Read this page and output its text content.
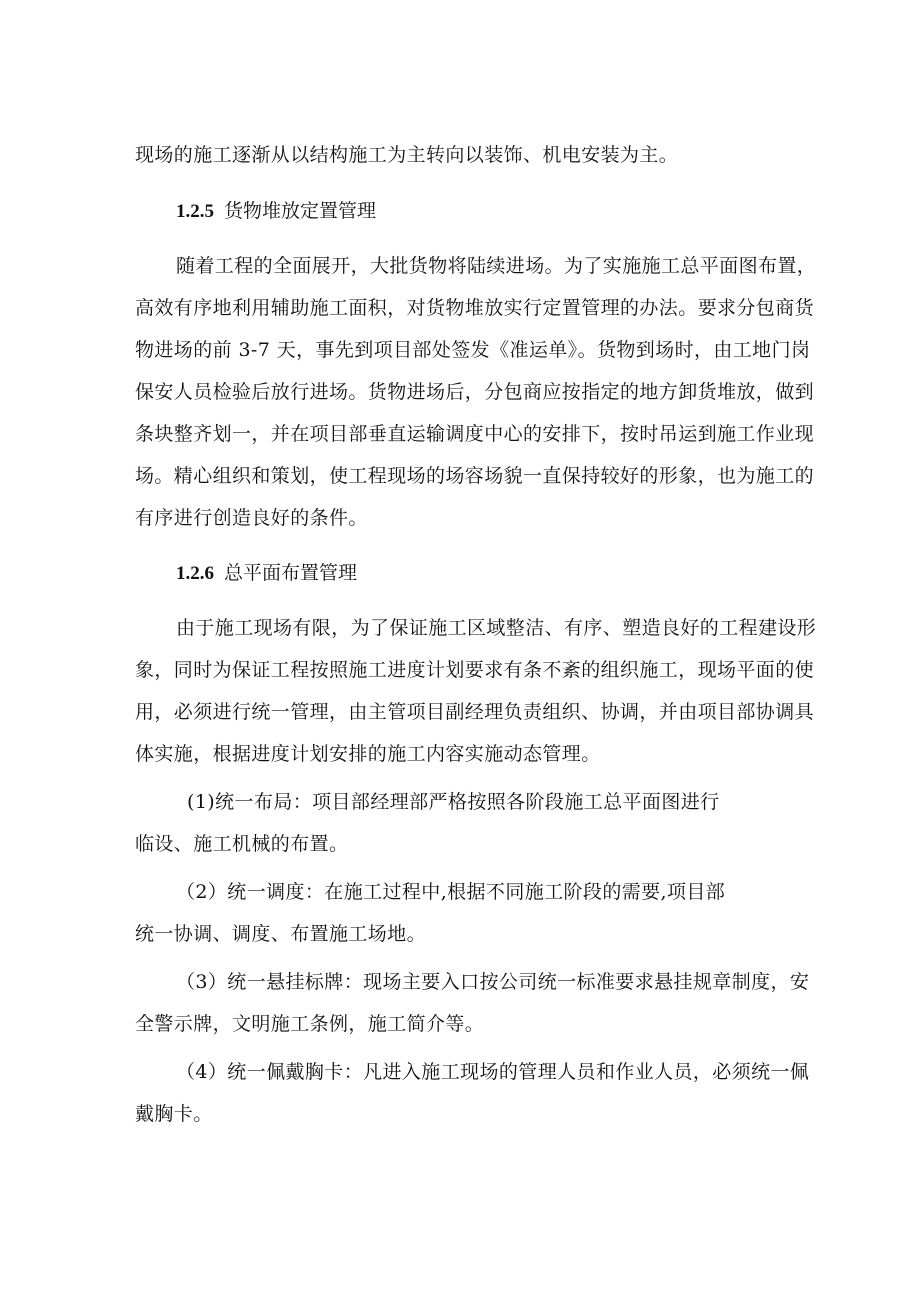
现场的施工逐渐从以结构施工为主转向以装饰、机电安装为主。
1.2.5 货物堆放定置管理
随着工程的全面展开，大批货物将陆续进场。为了实施施工总平面图布置，
高效有序地利用辅助施工面积，对货物堆放实行定置管理的办法。要求分包商货
物进场的前 3-7 天，事先到项目部处签发《准运单》。货物到场时，由工地门岗
保安人员检验后放行进场。货物进场后，分包商应按指定的地方卸货堆放，做到
条块整齐划一，并在项目部垂直运输调度中心的安排下，按时吊运到施工作业现
场。精心组织和策划，使工程现场的场容场貌一直保持较好的形象，也为施工的
有序进行创造良好的条件。
1.2.6 总平面布置管理
由于施工现场有限，为了保证施工区域整洁、有序、塑造良好的工程建设形
象，同时为保证工程按照施工进度计划要求有条不紊的组织施工，现场平面的使
用，必须进行统一管理，由主管项目副经理负责组织、协调，并由项目部协调具
体实施，根据进度计划安排的施工内容实施动态管理。
(1)统一布局：项目部经理部严格按照各阶段施工总平面图进行
临设、施工机械的布置。
（2）统一调度：在施工过程中,根据不同施工阶段的需要,项目部
统一协调、调度、布置施工场地。
（3）统一悬挂标牌：现场主要入口按公司统一标准要求悬挂规章制度，安
全警示牌，文明施工条例，施工简介等。
（4）统一佩戴胸卡：凡进入施工现场的管理人员和作业人员，必须统一佩
戴胸卡。
